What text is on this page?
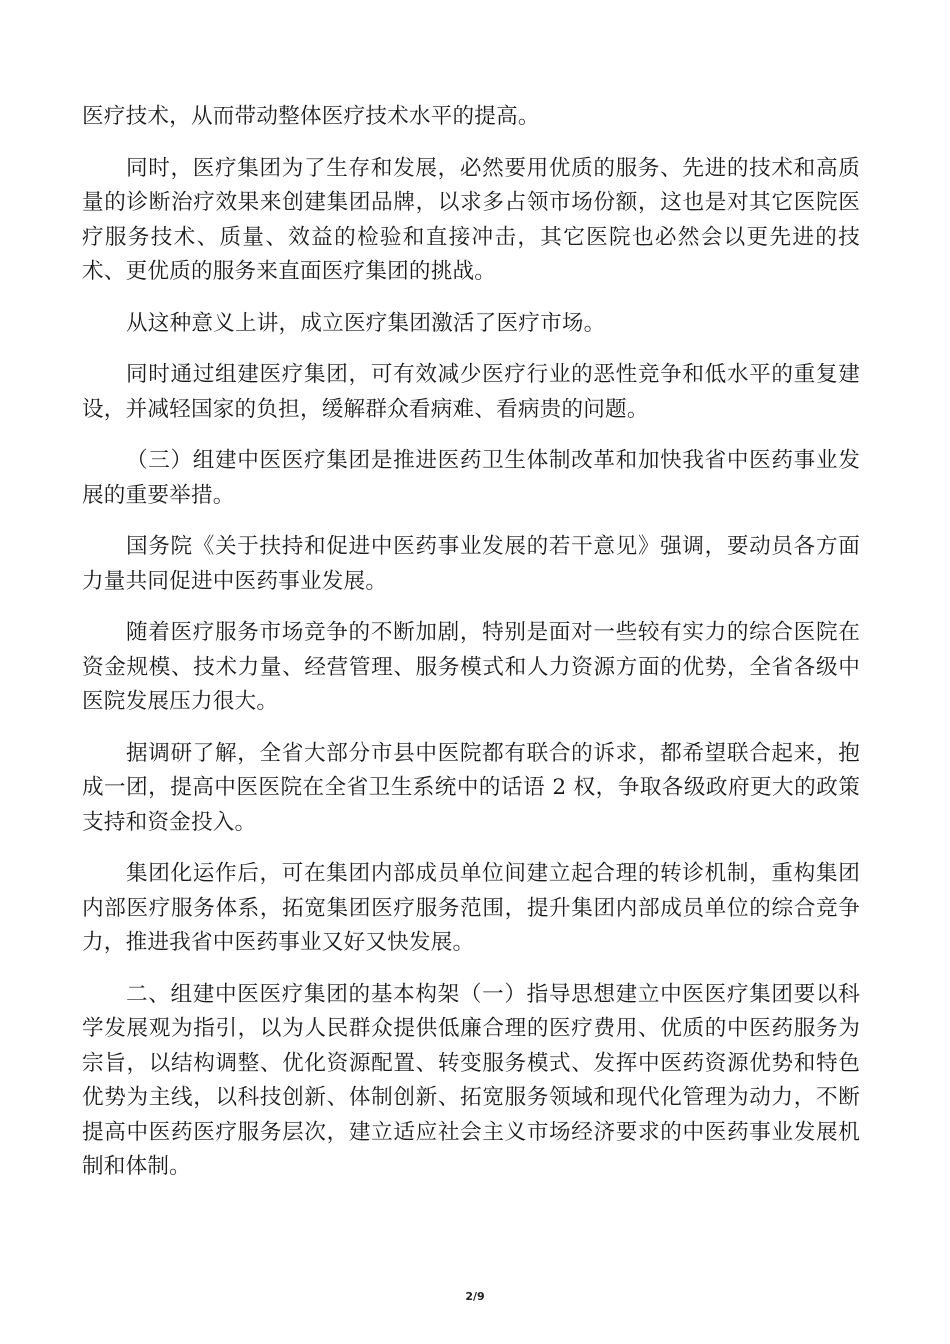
医疗技术，从而带动整体医疗技术水平的提高。

同时，医疗集团为了生存和发展，必然要用优质的服务、先进的技术和高质量的诊断治疗效果来创建集团品牌，以求多占领市场份额，这也是对其它医院医疗服务技术、质量、效益的检验和直接冲击，其它医院也必然会以更先进的技术、更优质的服务来直面医疗集团的挑战。

从这种意义上讲，成立医疗集团激活了医疗市场。

同时通过组建医疗集团，可有效减少医疗行业的恶性竞争和低水平的重复建设，并减轻国家的负担，缓解群众看病难、看病贵的问题。

（三）组建中医医疗集团是推进医药卫生体制改革和加快我省中医药事业发展的重要举措。

国务院《关于扶持和促进中医药事业发展的若干意见》强调，要动员各方面力量共同促进中医药事业发展。

随着医疗服务市场竞争的不断加剧，特别是面对一些较有实力的综合医院在资金规模、技术力量、经营管理、服务模式和人力资源方面的优势，全省各级中医院发展压力很大。

据调研了解，全省大部分市县中医院都有联合的诉求，都希望联合起来，抱成一团，提高中医医院在全省卫生系统中的话语 2 权，争取各级政府更大的政策支持和资金投入。

集团化运作后，可在集团内部成员单位间建立起合理的转诊机制，重构集团内部医疗服务体系，拓宽集团医疗服务范围，提升集团内部成员单位的综合竞争力，推进我省中医药事业又好又快发展。

二、组建中医医疗集团的基本构架（一）指导思想建立中医医疗集团要以科学发展观为指引，以为人民群众提供低廉合理的医疗费用、优质的中医药服务为宗旨，以结构调整、优化资源配置、转变服务模式、发挥中医药资源优势和特色优势为主线，以科技创新、体制创新、拓宽服务领域和现代化管理为动力，不断提高中医药医疗服务层次，建立适应社会主义市场经济要求的中医药事业发展机制和体制。

2/9
